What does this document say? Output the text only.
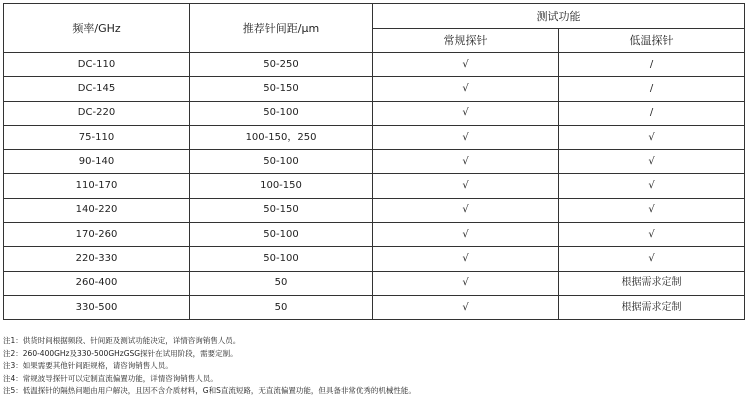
频率/GHz	推荐针间距/μm	测试功能	
		常规探针	低温探针
DC-110	50-250	√	/
DC-145	50-150	√	/
DC-220	50-100	√	/
75-110	100-150，250	√	√
90-140	50-100	√	√
110-170	100-150	√	√
140-220	50-150	√	√
170-260	50-100	√	√
220-330	50-100	√	√
260-400	50	√	根据需求定制
330-500	50	√	根据需求定制
注1：供货时间根据频段、针间距及测试功能决定，详情咨询销售人员。
注2：260-400GHz及330-500GHzGSG探针在试用阶段，需要定制。
注3：如果需要其他针间距规格，请咨询销售人员。
注4：常规波导探针可以定制直流偏置功能，详情咨询销售人员。
注5：低温探针的隔热问题由用户解决，且因不含介质材料，G和S直流短路，无直流偏置功能，但具备非常优秀的机械性能。
